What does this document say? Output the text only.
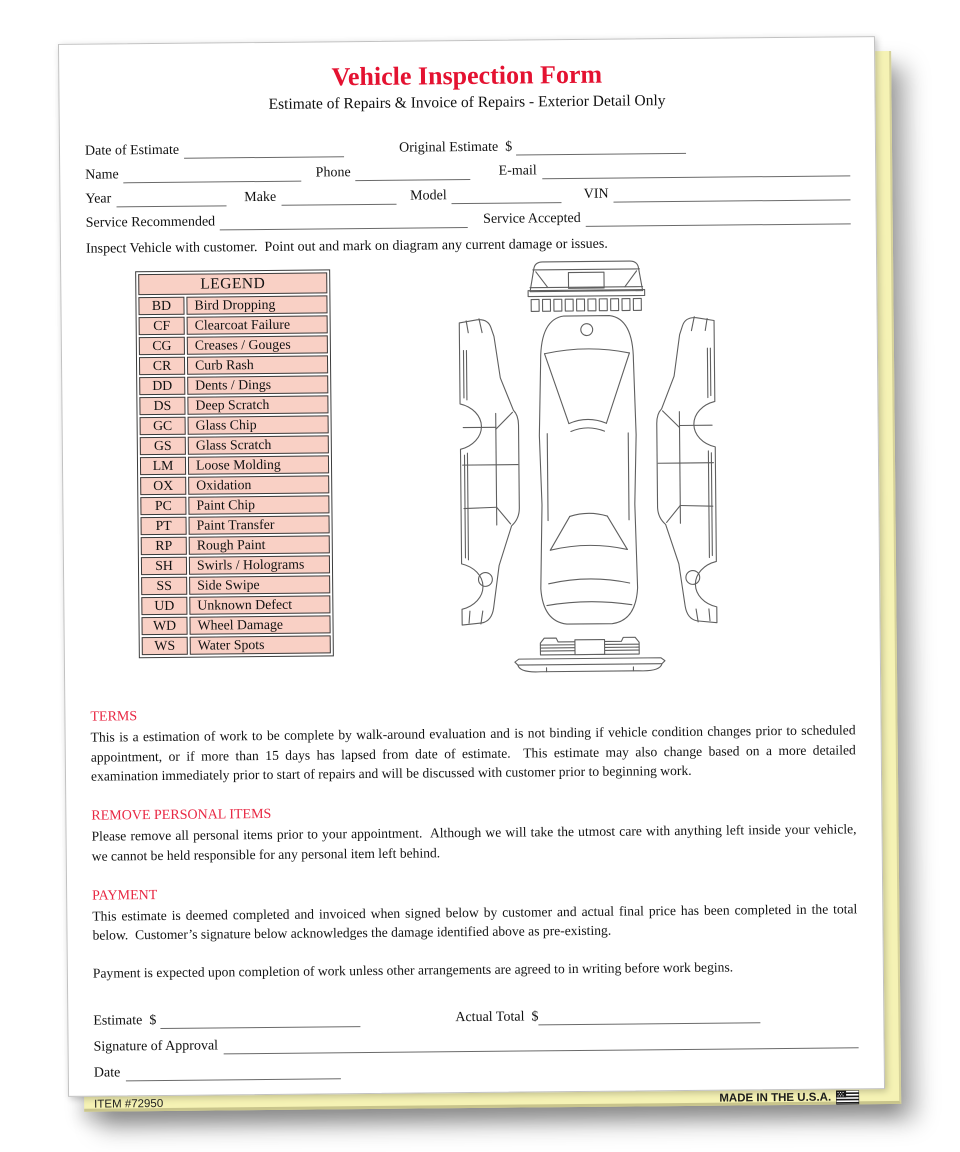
Vehicle Inspection Form
Estimate of Repairs & Invoice of Repairs - Exterior Detail Only
Date of Estimate	Original Estimate  $
Name	Phone	E-mail
Year	Make	Model	VIN
Service Recommended	Service Accepted
Inspect Vehicle with customer.  Point out and mark on diagram any current damage or issues.
LEGEND	
BD	Bird Dropping
CF	Clearcoat Failure
CG	Creases / Gouges
CR	Curb Rash
DD	Dents / Dings
DS	Deep Scratch
GC	Glass Chip
GS	Glass Scratch
LM	Loose Molding
OX	Oxidation
PC	Paint Chip
PT	Paint Transfer
RP	Rough Paint
SH	Swirls / Holograms
SS	Side Swipe
UD	Unknown Defect
WD	Wheel Damage
WS	Water Spots
TERMS
This is a estimation of work to be complete by walk-around evaluation and is not binding if vehicle condition changes prior to scheduled appointment, or if more than 15 days has lapsed from date of estimate.  This estimate may also change based on a more detailed examination immediately prior to start of repairs and will be discussed with customer prior to beginning work.
REMOVE PERSONAL ITEMS
Please remove all personal items prior to your appointment.  Although we will take the utmost care with anything left inside your vehicle, we cannot be held responsible for any personal item left behind.
PAYMENT
This estimate is deemed completed and invoiced when signed below by customer and actual final price has been completed in the total below.  Customer’s signature below acknowledges the damage identified above as pre-existing.
Payment is expected upon completion of work unless other arrangements are agreed to in writing before work begins.
Estimate  $	Actual Total  $
Signature of Approval
Date
ITEM #72950	MADE IN THE U.S.A.
